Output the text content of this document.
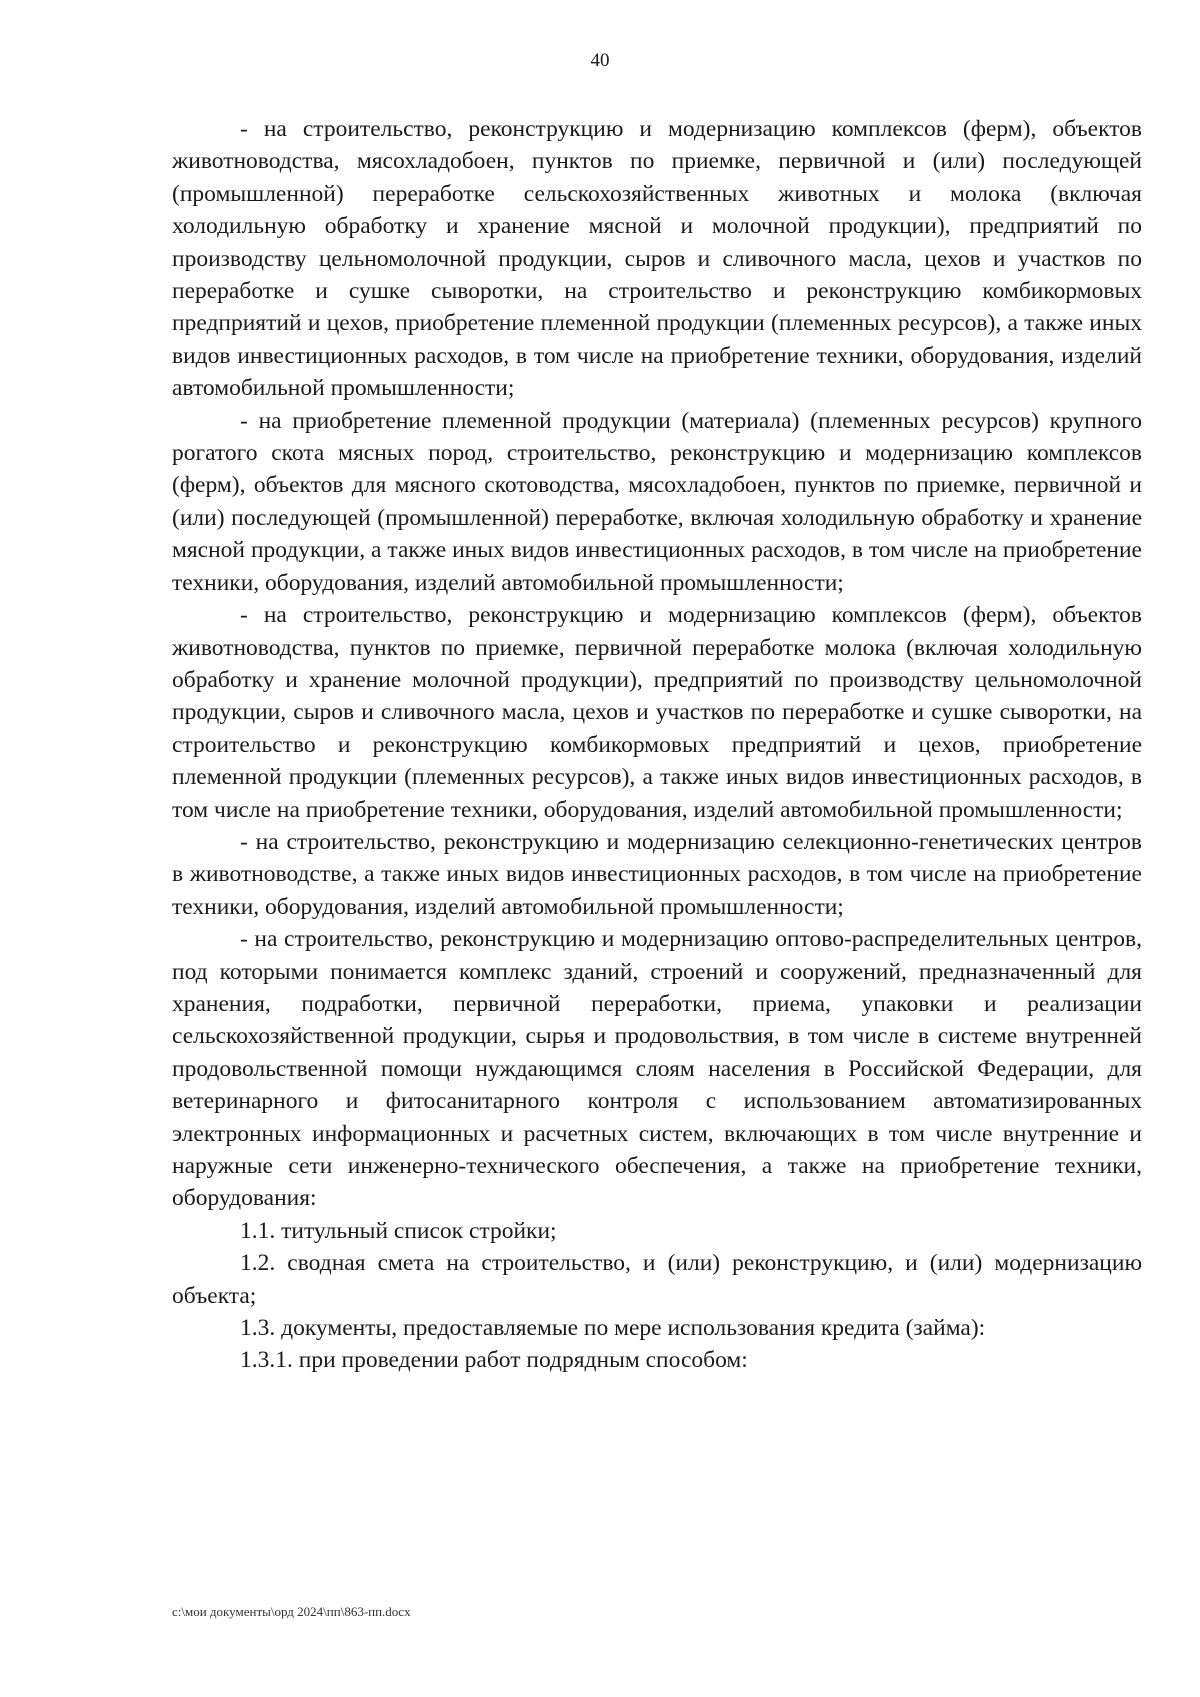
40

- на строительство, реконструкцию и модернизацию комплексов (ферм), объектов животноводства, мясохладобоен, пунктов по приемке, первичной и (или) последующей (промышленной) переработке сельскохозяйственных животных и молока (включая холодильную обработку и хранение мясной и молочной продукции), предприятий по производству цельномолочной продукции, сыров и сливочного масла, цехов и участков по переработке и сушке сыворотки, на строительство и реконструкцию комбикормовых предприятий и цехов, приобретение племенной продукции (племенных ресурсов), а также иных видов инвестиционных расходов, в том числе на приобретение техники, оборудования, изделий автомобильной промышленности;

- на приобретение племенной продукции (материала) (племенных ресурсов) крупного рогатого скота мясных пород, строительство, реконструкцию и модернизацию комплексов (ферм), объектов для мясного скотоводства, мясохладобоен, пунктов по приемке, первичной и (или) последующей (промышленной) переработке, включая холодильную обработку и хранение мясной продукции, а также иных видов инвестиционных расходов, в том числе на приобретение техники, оборудования, изделий автомобильной промышленности;

- на строительство, реконструкцию и модернизацию комплексов (ферм), объектов животноводства, пунктов по приемке, первичной переработке молока (включая холодильную обработку и хранение молочной продукции), предприятий по производству цельномолочной продукции, сыров и сливочного масла, цехов и участков по переработке и сушке сыворотки, на строительство и реконструкцию комбикормовых предприятий и цехов, приобретение племенной продукции (племенных ресурсов), а также иных видов инвестиционных расходов, в том числе на приобретение техники, оборудования, изделий автомобильной промышленности;

- на строительство, реконструкцию и модернизацию селекционно-генетических центров в животноводстве, а также иных видов инвестиционных расходов, в том числе на приобретение техники, оборудования, изделий автомобильной промышленности;

- на строительство, реконструкцию и модернизацию оптово-распределительных центров, под которыми понимается комплекс зданий, строений и сооружений, предназначенный для хранения, подработки, первичной переработки, приема, упаковки и реализации сельскохозяйственной продукции, сырья и продовольствия, в том числе в системе внутренней продовольственной помощи нуждающимся слоям населения в Российской Федерации, для ветеринарного и фитосанитарного контроля с использованием автоматизированных электронных информационных и расчетных систем, включающих в том числе внутренние и наружные сети инженерно-технического обеспечения, а также на приобретение техники, оборудования:

1.1. титульный список стройки;

1.2. сводная смета на строительство, и (или) реконструкцию, и (или) модернизацию объекта;

1.3. документы, предоставляемые по мере использования кредита (займа):

1.3.1. при проведении работ подрядным способом:

c:\мои документы\орд 2024\пп\863-пп.docx
